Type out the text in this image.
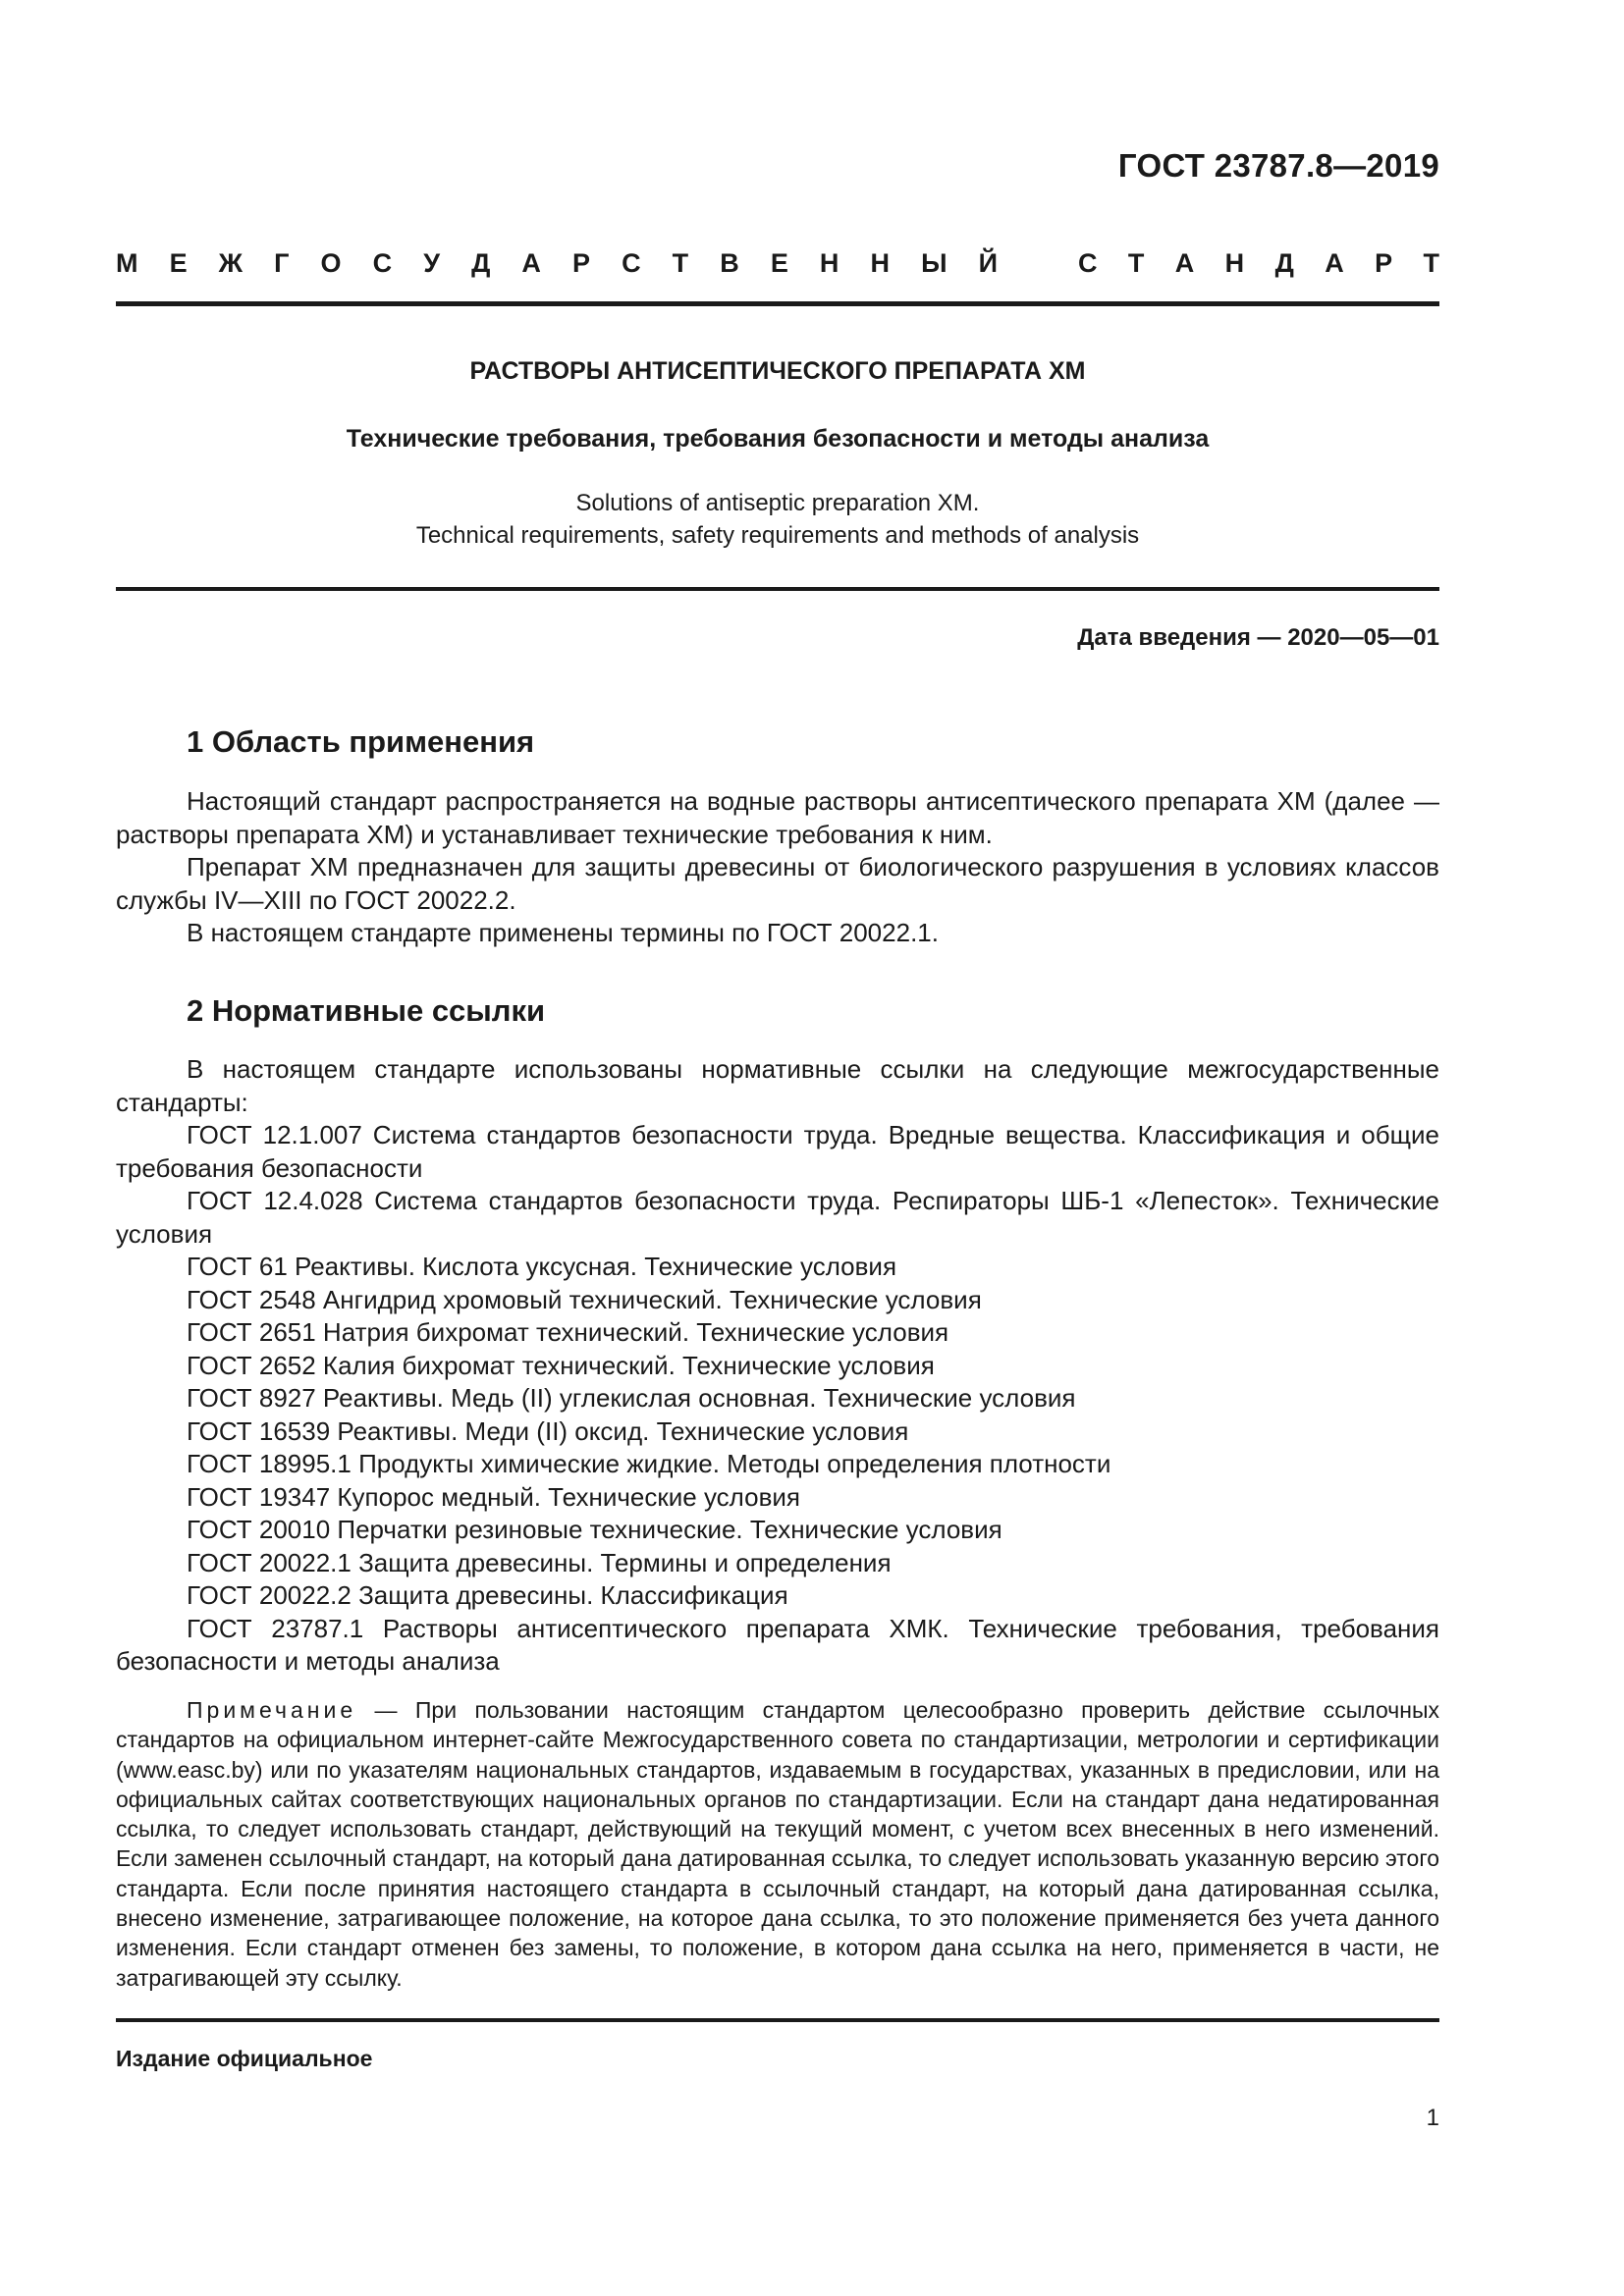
ГОСТ 23787.8—2019
М Е Ж Г О С У Д А Р С Т В Е Н Н Ы Й	С Т А Н Д А Р Т
РАСТВОРЫ АНТИСЕПТИЧЕСКОГО ПРЕПАРАТА ХМ
Технические требования, требования безопасности и методы анализа
Solutions of antiseptic preparation XM.
Technical requirements, safety requirements and methods of analysis
Дата введения — 2020—05—01
1 Область применения

Настоящий стандарт распространяется на водные растворы антисептического препарата ХМ (далее — растворы препарата ХМ) и устанавливает технические требования к ним.

Препарат ХМ предназначен для защиты древесины от биологического разрушения в условиях классов службы IV—XIII по ГОСТ 20022.2.

В настоящем стандарте применены термины по ГОСТ 20022.1.

2 Нормативные ссылки

В настоящем стандарте использованы нормативные ссылки на следующие межгосударственные стандарты:

ГОСТ 12.1.007 Система стандартов безопасности труда. Вредные вещества. Классификация и общие требования безопасности

ГОСТ 12.4.028 Система стандартов безопасности труда. Респираторы ШБ-1 «Лепесток». Технические условия

ГОСТ 61 Реактивы. Кислота уксусная. Технические условия

ГОСТ 2548 Ангидрид хромовый технический. Технические условия

ГОСТ 2651 Натрия бихромат технический. Технические условия

ГОСТ 2652 Калия бихромат технический. Технические условия

ГОСТ 8927 Реактивы. Медь (II) углекислая основная. Технические условия

ГОСТ 16539 Реактивы. Меди (II) оксид. Технические условия

ГОСТ 18995.1 Продукты химические жидкие. Методы определения плотности

ГОСТ 19347 Купорос медный. Технические условия

ГОСТ 20010 Перчатки резиновые технические. Технические условия

ГОСТ 20022.1 Защита древесины. Термины и определения

ГОСТ 20022.2 Защита древесины. Классификация

ГОСТ 23787.1 Растворы антисептического препарата ХМК. Технические требования, требования безопасности и методы анализа

Примечание — При пользовании настоящим стандартом целесообразно проверить действие ссылочных стандартов на официальном интернет-сайте Межгосударственного совета по стандартизации, метрологии и сертификации (www.easc.by) или по указателям национальных стандартов, издаваемым в государствах, указанных в предисловии, или на официальных сайтах соответствующих национальных органов по стандартизации. Если на стандарт дана недатированная ссылка, то следует использовать стандарт, действующий на текущий момент, с учетом всех внесенных в него изменений. Если заменен ссылочный стандарт, на который дана датированная ссылка, то следует использовать указанную версию этого стандарта. Если после принятия настоящего стандарта в ссылочный стандарт, на который дана датированная ссылка, внесено изменение, затрагивающее положение, на которое дана ссылка, то это положение применяется без учета данного изменения. Если стандарт отменен без замены, то положение, в котором дана ссылка на него, применяется в части, не затрагивающей эту ссылку.
Издание официальное
1
